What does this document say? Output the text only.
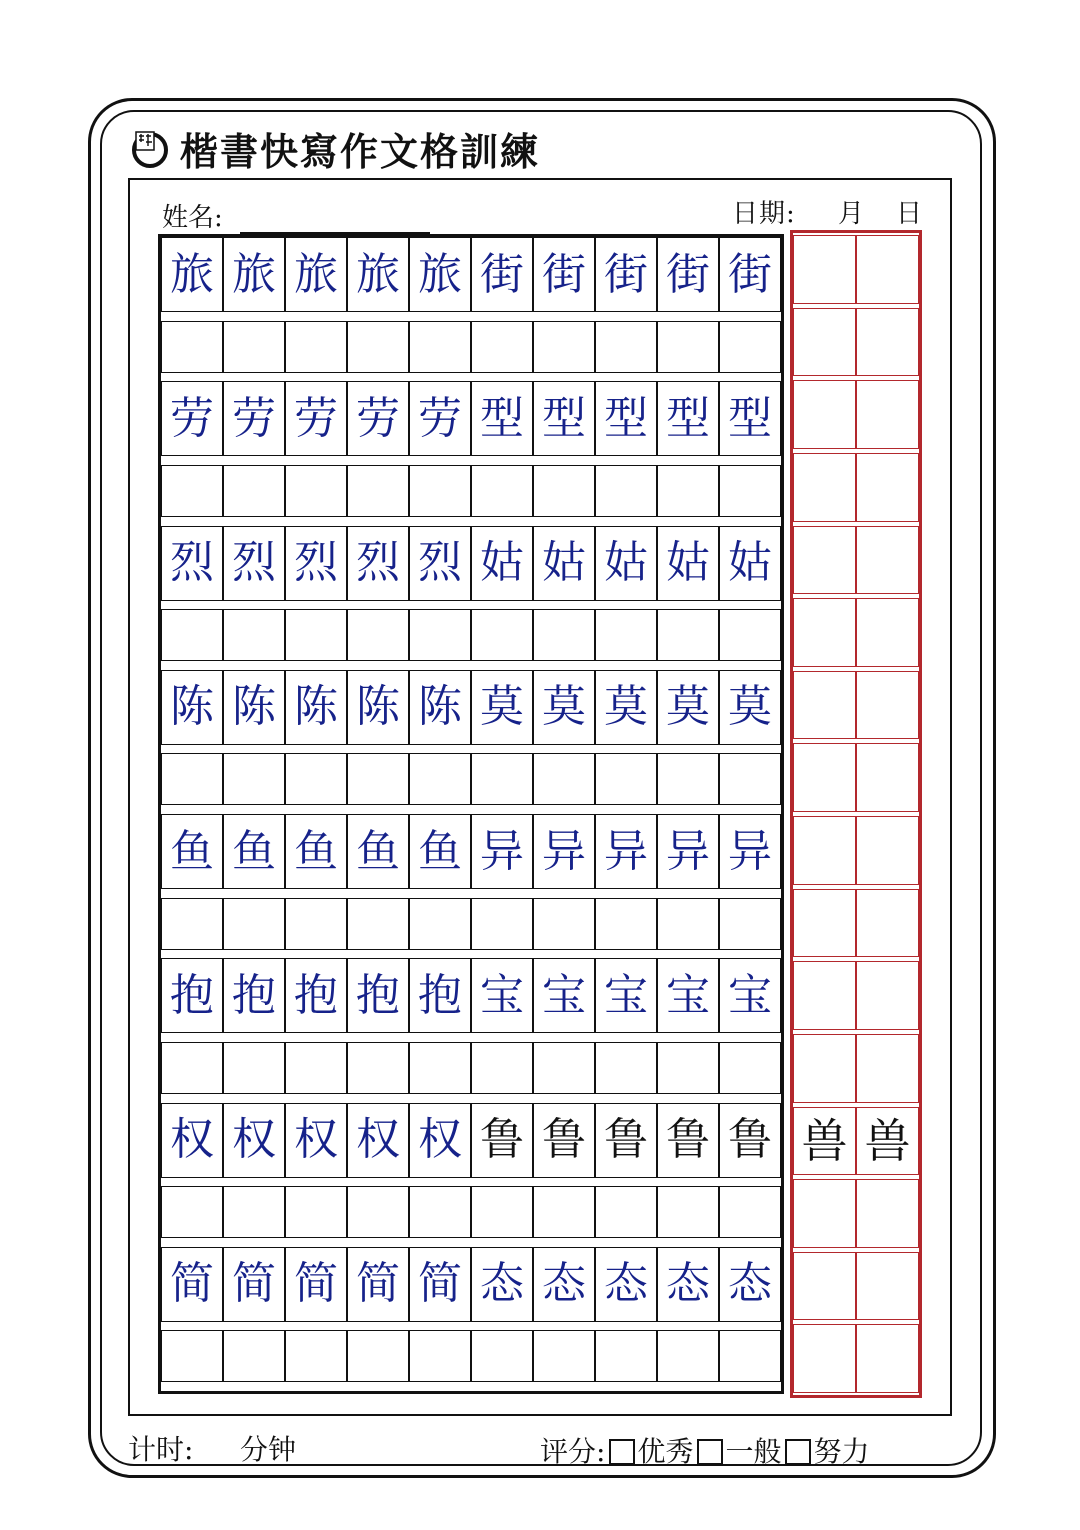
楷書快寫作文格訓練
姓名:	日期: 月 日
旅 旅 旅 旅 旅 街 街 街 街 街
劳 劳 劳 劳 劳 型 型 型 型 型
烈 烈 烈 烈 烈 姑 姑 姑 姑 姑
陈 陈 陈 陈 陈 莫 莫 莫 莫 莫
鱼 鱼 鱼 鱼 鱼 异 异 异 异 异
抱 抱 抱 抱 抱 宝 宝 宝 宝 宝
权 权 权 权 权 鲁 鲁 鲁 鲁 鲁
简 简 简 简 简 态 态 态 态 态
兽 兽
计时: 分钟	评分: 优秀 一般 努力
